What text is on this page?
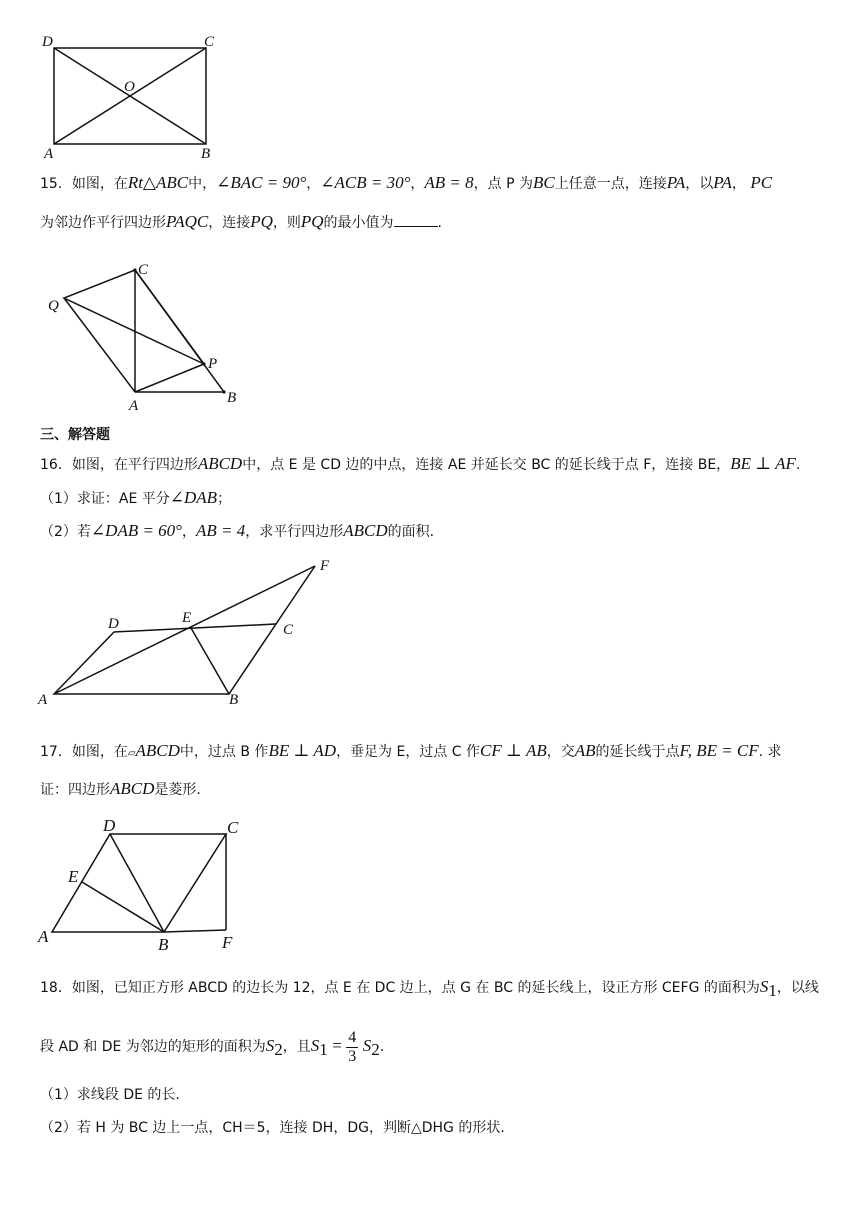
D	C
O
A	B
15．如图，在Rt△ABC中，∠BAC = 90°，∠ACB = 30°，AB = 8，点 P 为BC上任意一点，连接PA，以PA， PC
为邻边作平行四边形PAQC，连接PQ，则PQ的最小值为	.
C
Q
P
A	B
三、解答题
16．如图，在平行四边形ABCD中，点 E 是 CD 边的中点，连接 AE 并延长交 BC 的延长线于点 F，连接 BE，BE ⊥ AF.
（1）求证：AE 平分∠DAB；
（2）若∠DAB = 60°，AB = 4，求平行四边形ABCD的面积.
F
D	E
C
A	B
17．如图，在▱ABCD中，过点 B 作BE ⊥ AD，垂足为 E，过点 C 作CF ⊥ AB，交AB的延长线于点F, BE = CF. 求
证：四边形ABCD是菱形.
D	C
E
A	B	F
18．如图，已知正方形 ABCD 的边长为 12，点 E 在 DC 边上，点 G 在 BC 的延长线上，设正方形 CEFG 的面积为$S_1$，以线
段 AD 和 DE 为邻边的矩形的面积为$S_2$，且$S_1 = \frac{4}{3} S_2$.
（1）求线段 DE 的长.
（2）若 H 为 BC 边上一点，CH＝5，连接 DH，DG，判断△DHG 的形状.
